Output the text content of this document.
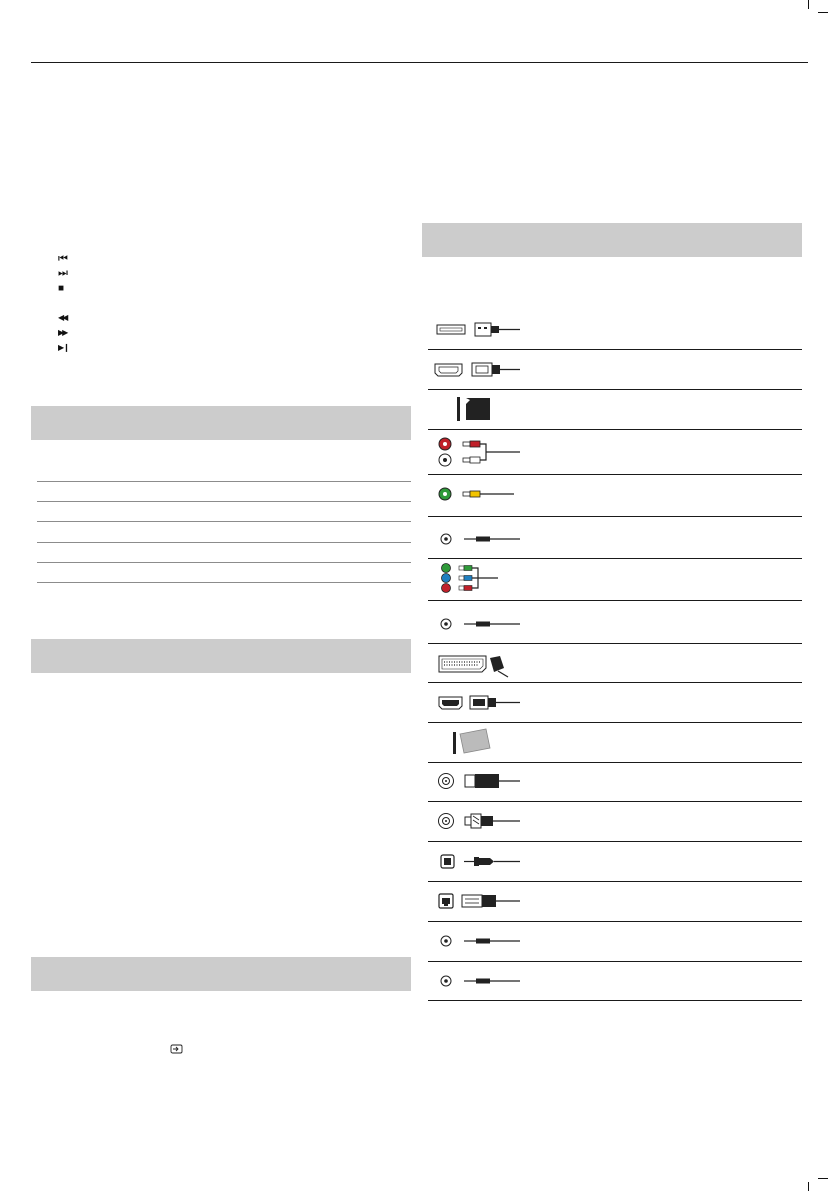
⏮
⏭
■
◀◀
▶▶
▶❙
